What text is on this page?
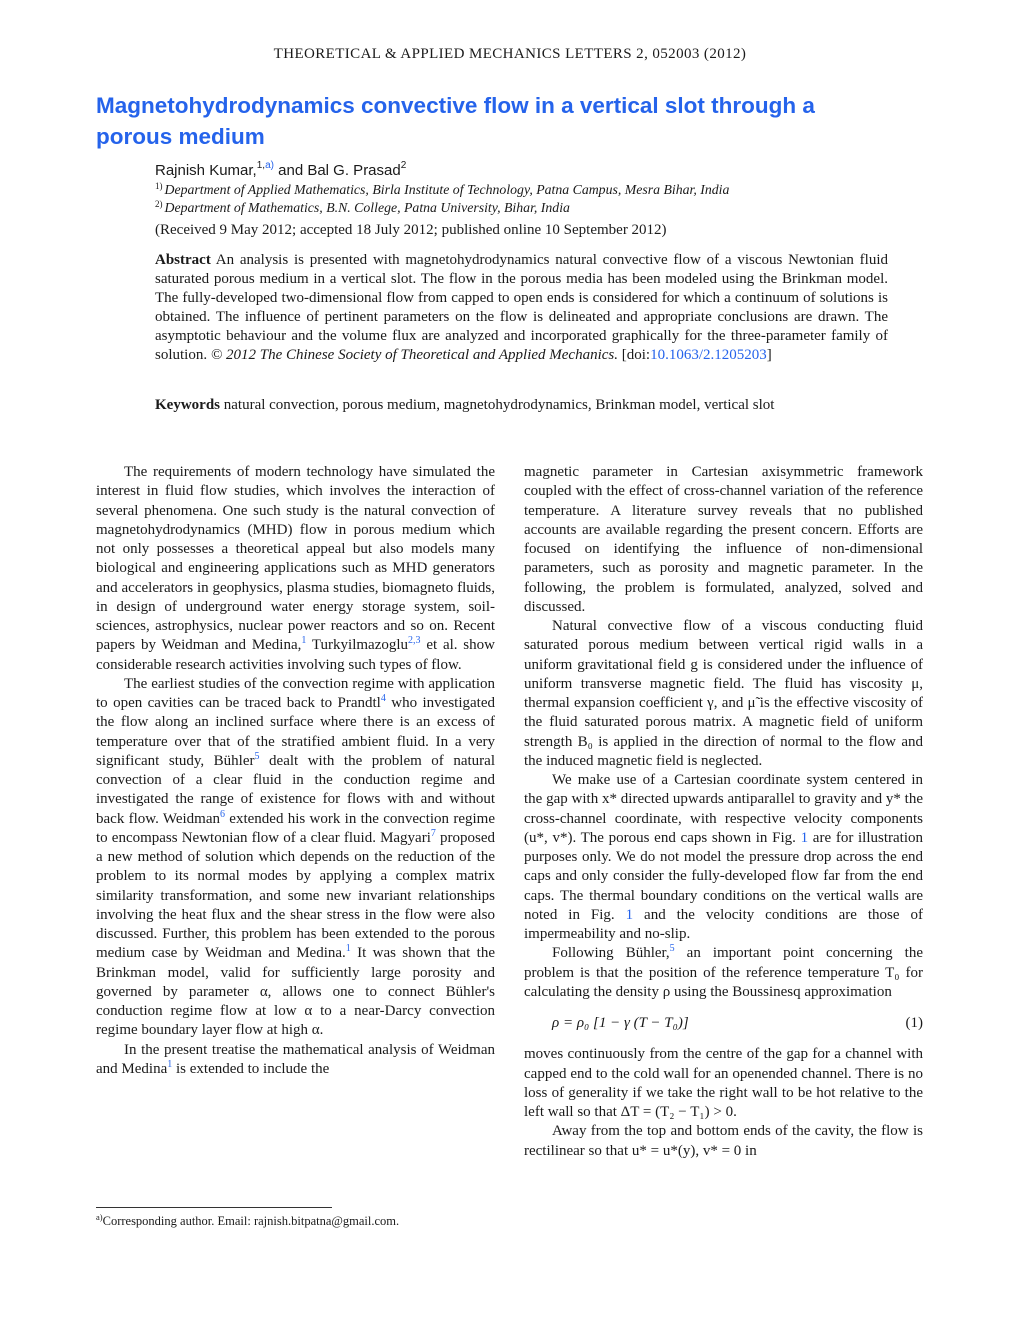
THEORETICAL & APPLIED MECHANICS LETTERS 2, 052003 (2012)
Magnetohydrodynamics convective flow in a vertical slot through a porous medium
Rajnish Kumar,$^{1,a)}$ and Bal G. Prasad$^2$
$^{1)}$ Department of Applied Mathematics, Birla Institute of Technology, Patna Campus, Mesra Bihar, India
$^{2)}$ Department of Mathematics, B.N. College, Patna University, Bihar, India
(Received 9 May 2012; accepted 18 July 2012; published online 10 September 2012)
Abstract An analysis is presented with magnetohydrodynamics natural convective flow of a viscous Newtonian fluid saturated porous medium in a vertical slot. The flow in the porous media has been modeled using the Brinkman model. The fully-developed two-dimensional flow from capped to open ends is considered for which a continuum of solutions is obtained. The influence of pertinent parameters on the flow is delineated and appropriate conclusions are drawn. The asymptotic behaviour and the volume flux are analyzed and incorporated graphically for the three-parameter family of solution. © 2012 The Chinese Society of Theoretical and Applied Mechanics. [doi:10.1063/2.1205203]
Keywords natural convection, porous medium, magnetohydrodynamics, Brinkman model, vertical slot

The requirements of modern technology have simulated the interest in fluid flow studies, which involves the interaction of several phenomena. One such study is the natural convection of magnetohydrodynamics (MHD) flow in porous medium which not only possesses a theoretical appeal but also models many biological and engineering applications such as MHD generators and accelerators in geophysics, plasma studies, biomagneto fluids, in design of underground water energy storage system, soil-sciences, astrophysics, nuclear power reactors and so on. Recent papers by Weidman and Medina,$^1$ Turkyilmazoglu$^{2,3}$ et al. show considerable research activities involving such types of flow.

The earliest studies of the convection regime with application to open cavities can be traced back to Prandtl$^4$ who investigated the flow along an inclined surface where there is an excess of temperature over that of the stratified ambient fluid. In a very significant study, Bühler$^5$ dealt with the problem of natural convection of a clear fluid in the conduction regime and investigated the range of existence for flows with and without back flow. Weidman$^6$ extended his work in the convection regime to encompass Newtonian flow of a clear fluid. Magyari$^7$ proposed a new method of solution which depends on the reduction of the problem to its normal modes by applying a complex matrix similarity transformation, and some new invariant relationships involving the heat flux and the shear stress in the flow were also discussed. Further, this problem has been extended to the porous medium case by Weidman and Medina.$^1$ It was shown that the Brinkman model, valid for sufficiently large porosity and governed by parameter α, allows one to connect Bühler's conduction regime flow at low α to a near-Darcy convection regime boundary layer flow at high α.

In the present treatise the mathematical analysis of Weidman and Medina$^1$ is extended to include the

magnetic parameter in Cartesian axisymmetric framework coupled with the effect of cross-channel variation of the reference temperature. A literature survey reveals that no published accounts are available regarding the present concern. Efforts are focused on identifying the influence of non-dimensional parameters, such as porosity and magnetic parameter. In the following, the problem is formulated, analyzed, solved and discussed.

Natural convective flow of a viscous conducting fluid saturated porous medium between vertical rigid walls in a uniform gravitational field g is considered under the influence of uniform transverse magnetic field. The fluid has viscosity μ, thermal expansion coefficient γ, and μ̃ is the effective viscosity of the fluid saturated porous matrix. A magnetic field of uniform strength B₀ is applied in the direction of normal to the flow and the induced magnetic field is neglected.

We make use of a Cartesian coordinate system centered in the gap with x* directed upwards antiparallel to gravity and y* the cross-channel coordinate, with respective velocity components (u*, v*). The porous end caps shown in Fig. 1 are for illustration purposes only. We do not model the pressure drop across the end caps and only consider the fully-developed flow far from the end caps. The thermal boundary conditions on the vertical walls are noted in Fig. 1 and the velocity conditions are those of impermeability and no-slip.

Following Bühler,$^5$ an important point concerning the problem is that the position of the reference temperature T₀ for calculating the density ρ using the Boussinesq approximation

ρ = ρ₀ [1 − γ (T − T₀)]	(1)

moves continuously from the centre of the gap for a channel with capped end to the cold wall for an openended channel. There is no loss of generality if we take the right wall to be hot relative to the left wall so that ΔT = (T₂ − T₁) > 0.

Away from the top and bottom ends of the cavity, the flow is rectilinear so that u* = u*(y), v* = 0 in

$^{a)}$Corresponding author. Email: rajnish.bitpatna@gmail.com.
